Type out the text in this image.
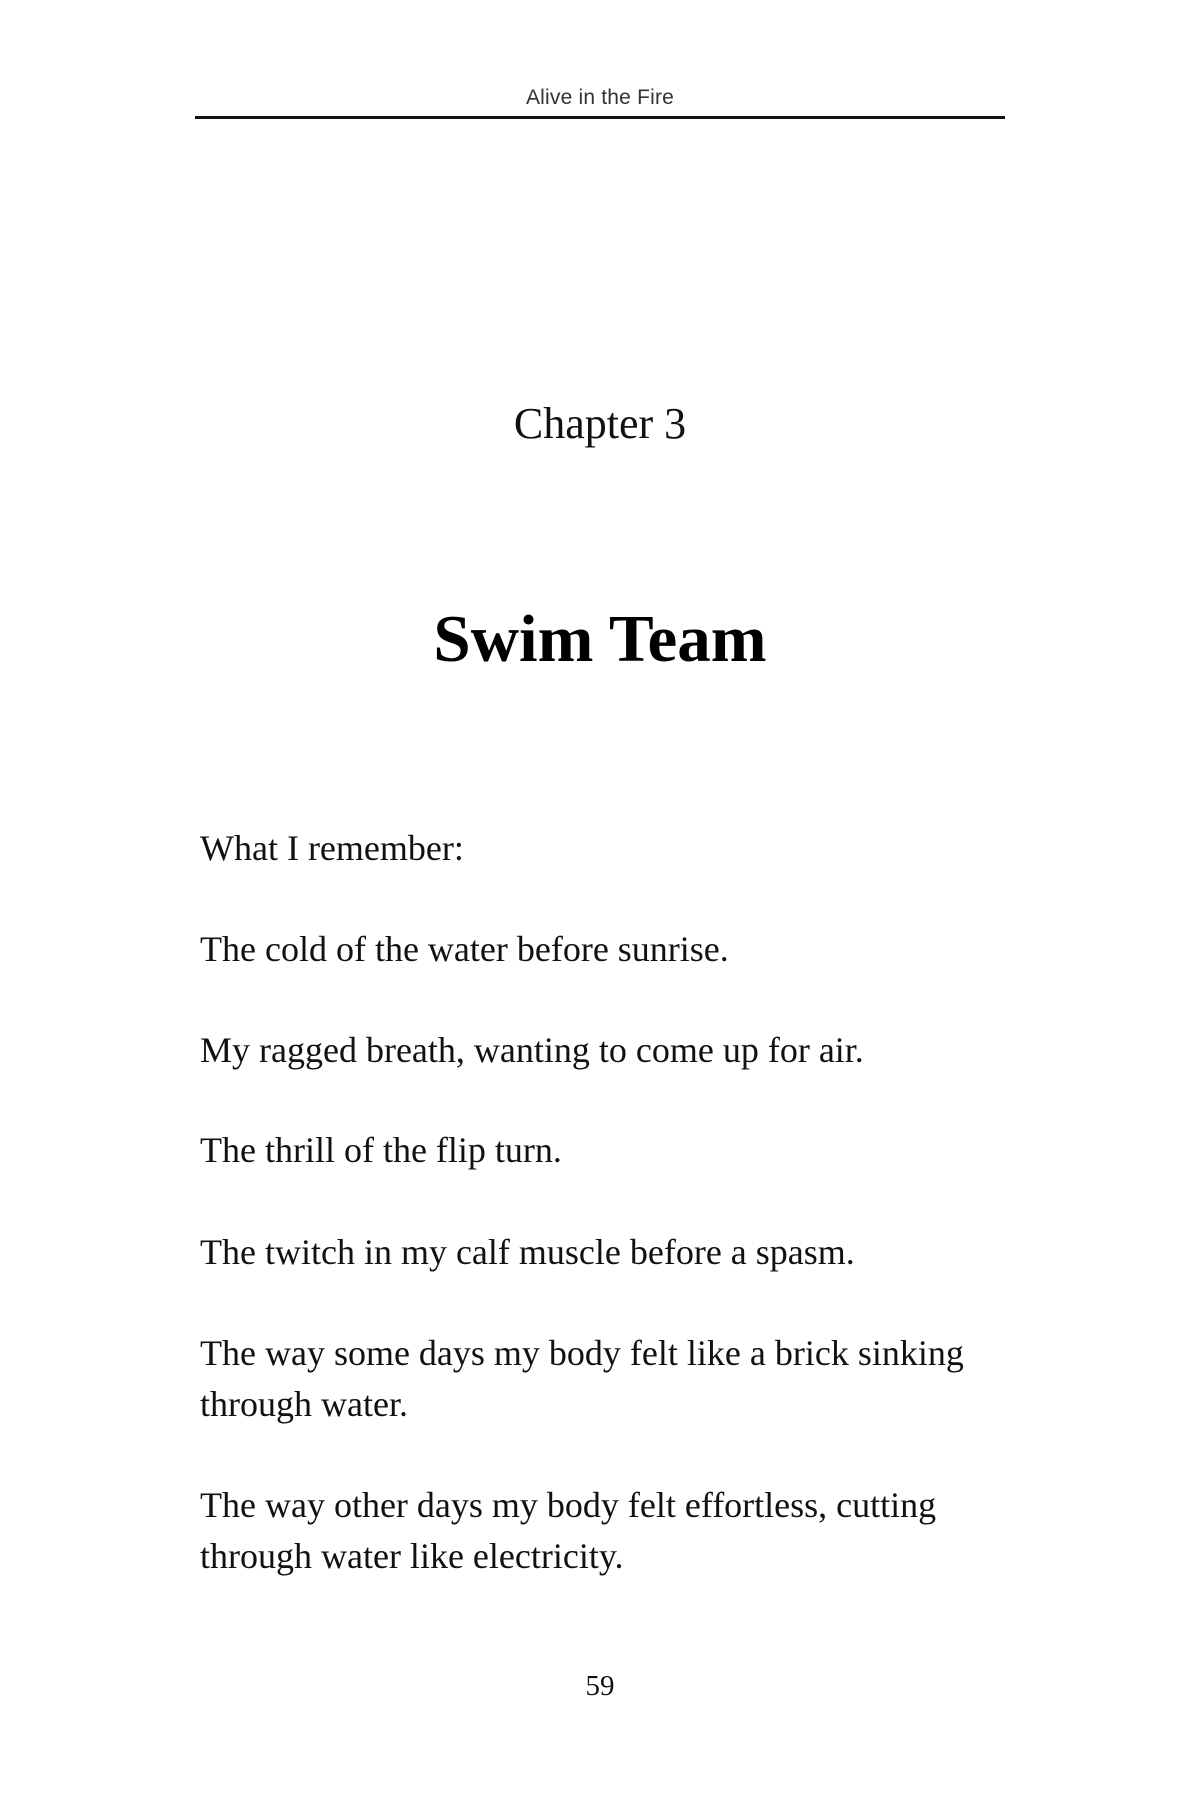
Alive in the Fire
Chapter 3
Swim Team

What I remember:

The cold of the water before sunrise.

My ragged breath, wanting to come up for air.

The thrill of the flip turn.

The twitch in my calf muscle before a spasm.

The way some days my body felt like a brick sinking through water.

The way other days my body felt effortless, cutting through water like electricity.

59
